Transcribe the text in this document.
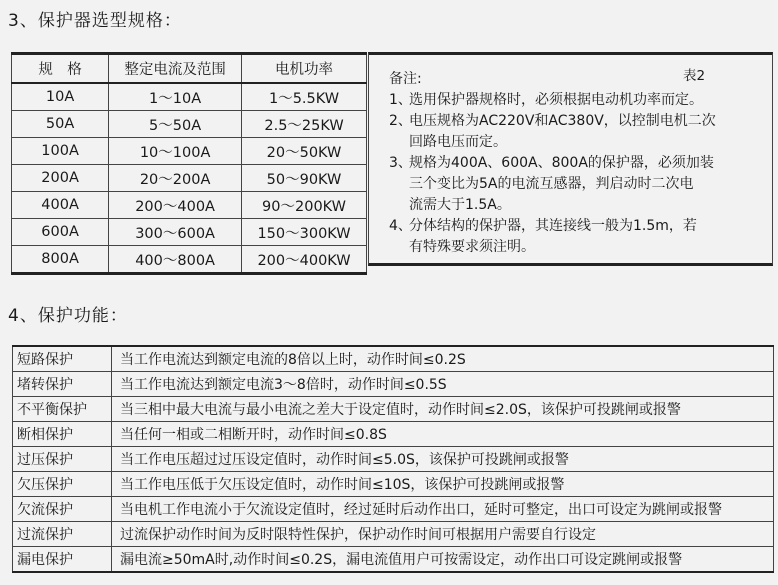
3、保护器选型规格：
规　格	整定电流及范围	电机功率
10A	1～10A	1～5.5KW
50A	5～50A	2.5～25KW
100A	10～100A	20～50KW
200A	20～200A	50～90KW
400A	200～400A	90～200KW
600A	300～600A	150～300KW
800A	400～800A	200～400KW
备注:	表2
1、
选用保护器规格时，必须根据电动机功率而定。
2、
电压规格为AC220V和AC380V，以控制电机二次
回路电压而定。
3、
规格为400A、600A、800A的保护器，必须加装
三个变比为5A的电流互感器，判启动时二次电
流需大于1.5A。
4、
分体结构的保护器，其连接线一般为1.5m，若
有特殊要求须注明。
4、保护功能：
短路保护	当工作电流达到额定电流的8倍以上时，动作时间≤0.2S
堵转保护	当工作电流达到额定电流3～8倍时，动作时间≤0.5S
不平衡保护	当三相中最大电流与最小电流之差大于设定值时，动作时间≤2.0S，该保护可投跳闸或报警
断相保护	当任何一相或二相断开时，动作时间≤0.8S
过压保护	当工作电压超过过压设定值时，动作时间≤5.0S，该保护可投跳闸或报警
欠压保护	当工作电压低于欠压设定值时，动作时间≤10S，该保护可投跳闸或报警
欠流保护	当电机工作电流小于欠流设定值时，经过延时后动作出口，延时可整定，出口可设定为跳闸或报警
过流保护	过流保护动作时间为反时限特性保护，保护动作时间可根据用户需要自行设定
漏电保护	漏电流≥50mA时,动作时间≤0.2S，漏电流值用户可按需设定，动作出口可设定跳闸或报警
